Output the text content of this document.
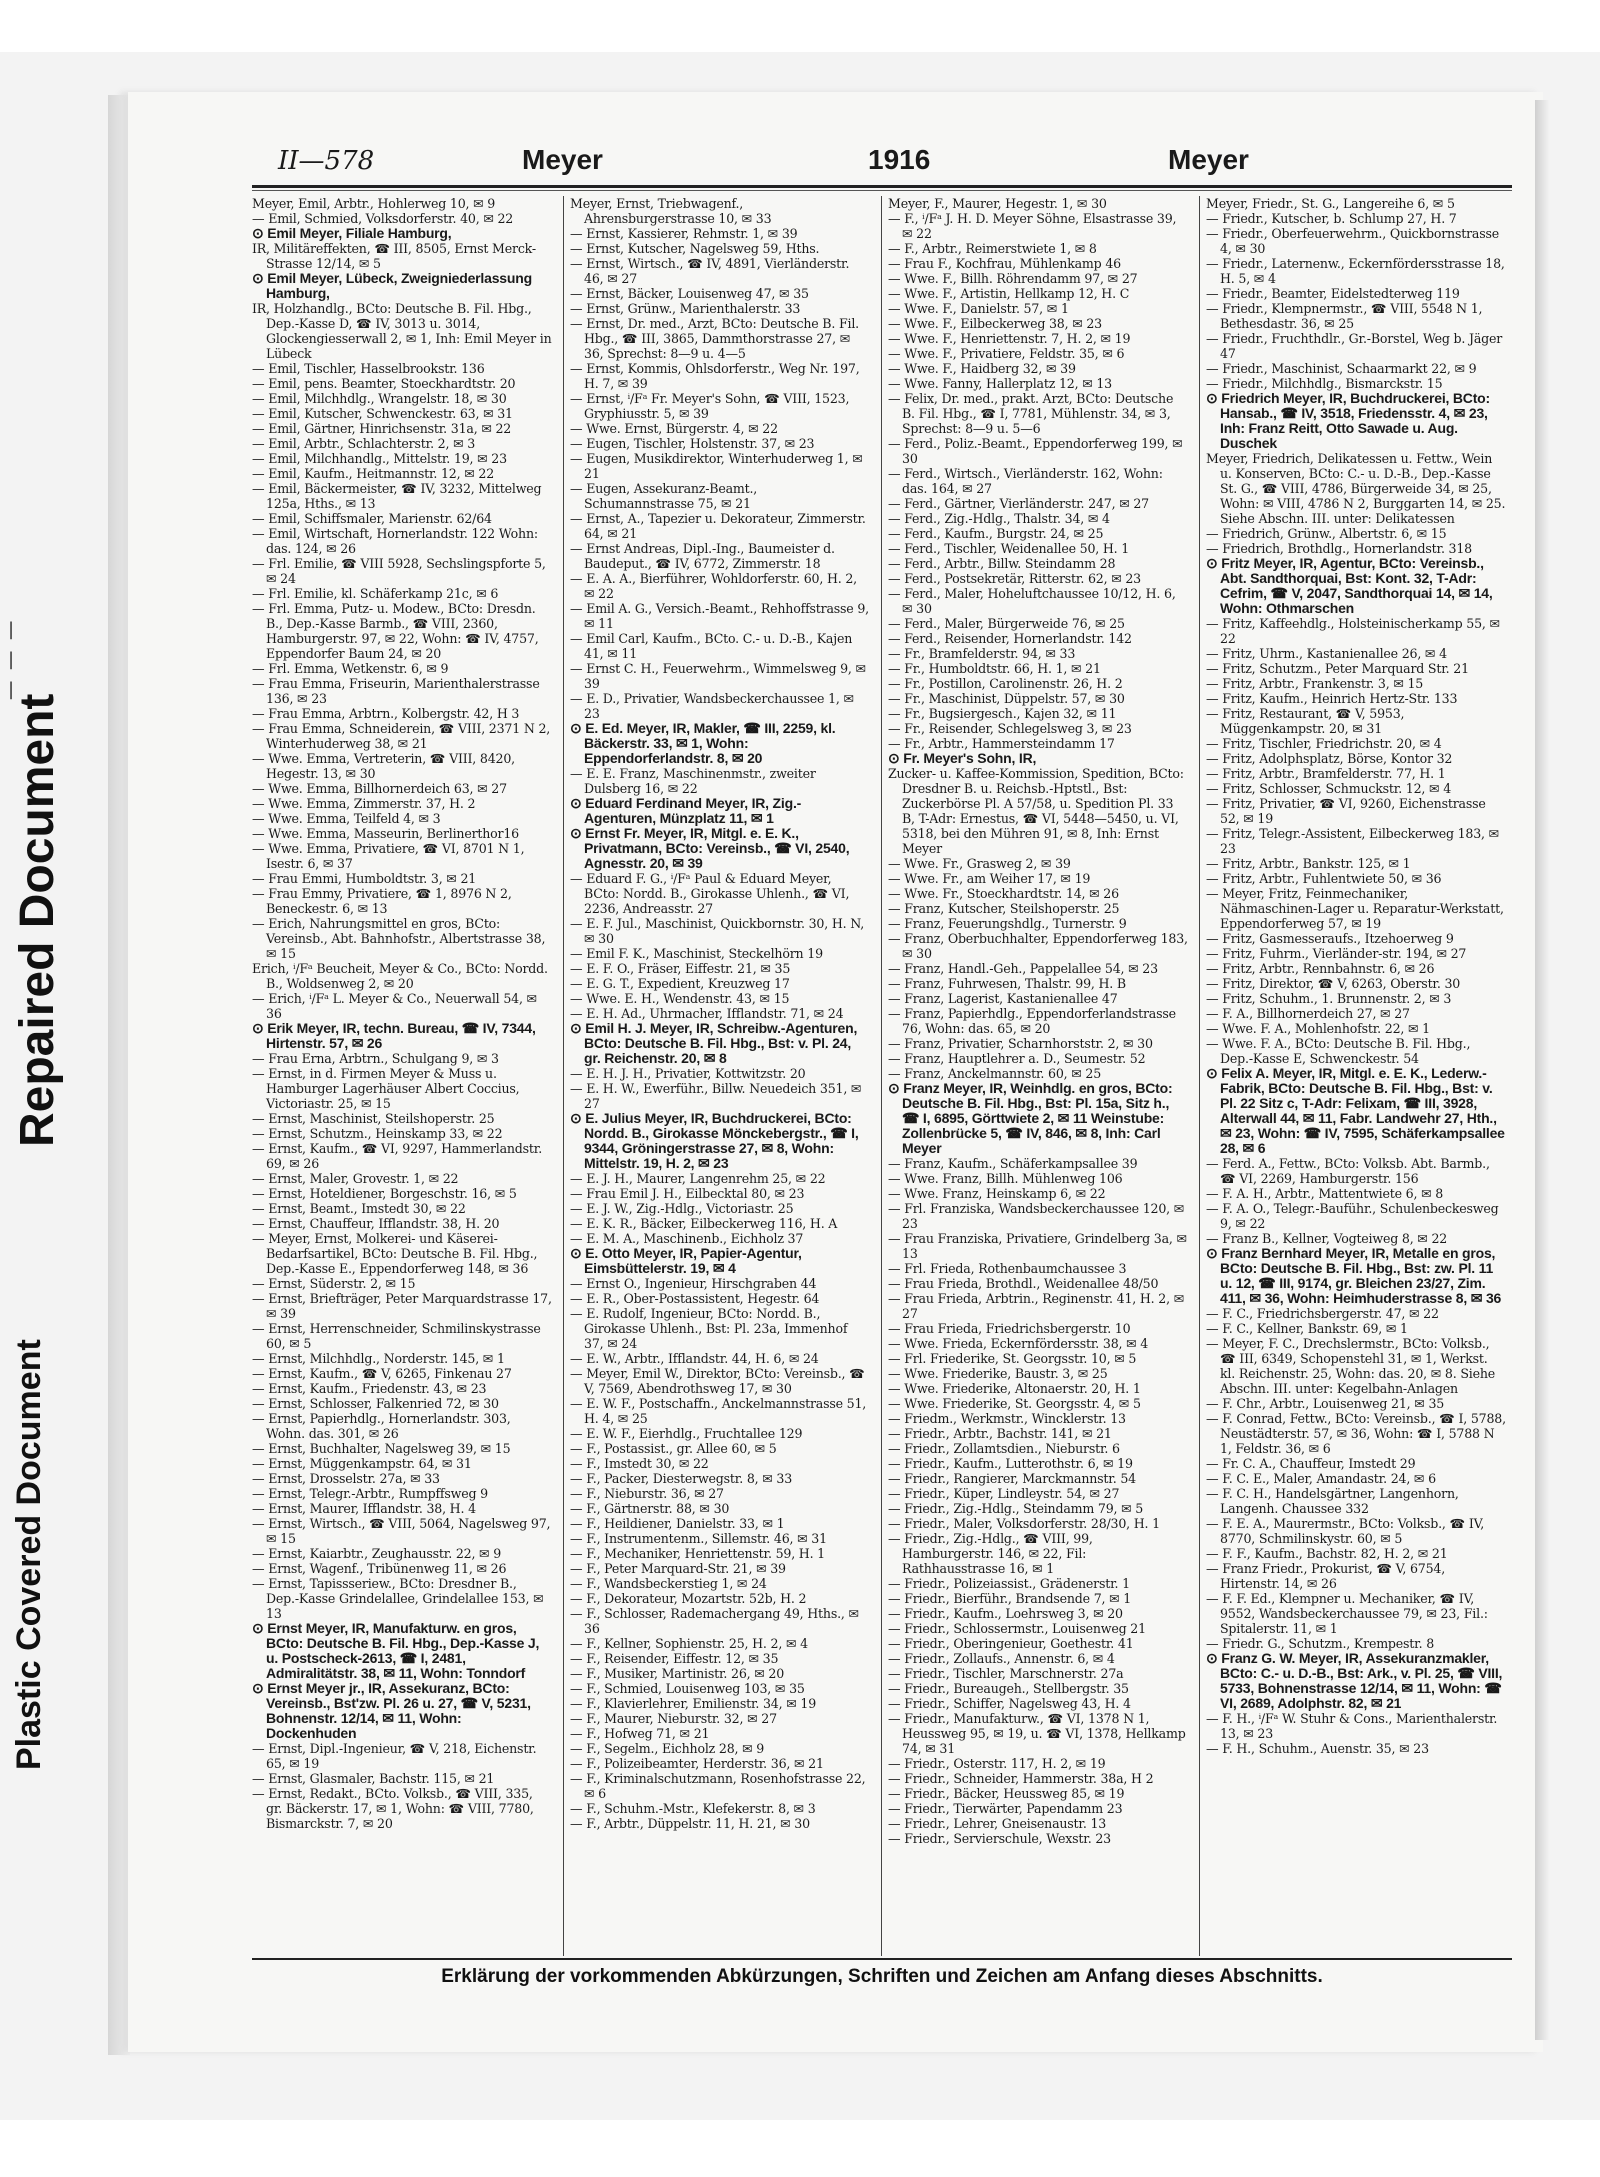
|
|
|
Repaired Document
Plastic Covered Document
II—578	Meyer	1916	Meyer

Meyer, Emil, Arbtr., Hohlerweg 10, ✉ 9

— Emil, Schmied, Volksdorferstr. 40, ✉ 22

⊙ Emil Meyer, Filiale Hamburg,

IR, Militäreffekten, ☎ III, 8505, Ernst Merck-Strasse 12/14, ✉ 5

⊙ Emil Meyer, Lübeck, Zweigniederlassung Hamburg,

IR, Holzhandlg., BCto: Deutsche B. Fil. Hbg., Dep.-Kasse D, ☎ IV, 3013 u. 3014, Glockengiesserwall 2, ✉ 1, Inh: Emil Meyer in Lübeck

— Emil, Tischler, Hasselbrookstr. 136

— Emil, pens. Beamter, Stoeckhardtstr. 20

— Emil, Milchhdlg., Wrangelstr. 18, ✉ 30

— Emil, Kutscher, Schwenckestr. 63, ✉ 31

— Emil, Gärtner, Hinrichsenstr. 31a, ✉ 22

— Emil, Arbtr., Schlachterstr. 2, ✉ 3

— Emil, Milchhandlg., Mittelstr. 19, ✉ 23

— Emil, Kaufm., Heitmannstr. 12, ✉ 22

— Emil, Bäckermeister, ☎ IV, 3232, Mittelweg 125a, Hths., ✉ 13

— Emil, Schiffsmaler, Marienstr. 62/64

— Emil, Wirtschaft, Hornerlandstr. 122 Wohn: das. 124, ✉ 26

— Frl. Emilie, ☎ VIII 5928, Sechslingspforte 5, ✉ 24

— Frl. Emilie, kl. Schäferkamp 21c, ✉ 6

— Frl. Emma, Putz- u. Modew., BCto: Dresdn. B., Dep.-Kasse Barmb., ☎ VIII, 2360, Hamburgerstr. 97, ✉ 22, Wohn: ☎ IV, 4757, Eppendorfer Baum 24, ✉ 20

— Frl. Emma, Wetkenstr. 6, ✉ 9

— Frau Emma, Friseurin, Marienthalerstrasse 136, ✉ 23

— Frau Emma, Arbtrn., Kolbergstr. 42, H 3

— Frau Emma, Schneiderein, ☎ VIII, 2371 N 2, Winterhuderweg 38, ✉ 21

— Wwe. Emma, Vertreterin, ☎ VIII, 8420, Hegestr. 13, ✉ 30

— Wwe. Emma, Billhornerdeich 63, ✉ 27

— Wwe. Emma, Zimmerstr. 37, H. 2

— Wwe. Emma, Teilfeld 4, ✉ 3

— Wwe. Emma, Masseurin, Berlinerthor16

— Wwe. Emma, Privatiere, ☎ VI, 8701 N 1, Isestr. 6, ✉ 37

— Frau Emmi, Humboldtstr. 3, ✉ 21

— Frau Emmy, Privatiere, ☎ 1, 8976 N 2, Beneckestr. 6, ✉ 13

— Erich, Nahrungsmittel en gros, BCto: Vereinsb., Abt. Bahnhofstr., Albertstrasse 38, ✉ 15

Erich, ⁱ/Fᵃ Beucheit, Meyer & Co., BCto: Nordd. B., Woldsenweg 2, ✉ 20

— Erich, ⁱ/Fᵃ L. Meyer & Co., Neuerwall 54, ✉ 36

⊙ Erik Meyer, IR, techn. Bureau, ☎ IV, 7344, Hirtenstr. 57, ✉ 26

— Frau Erna, Arbtrn., Schulgang 9, ✉ 3

— Ernst, in d. Firmen Meyer & Muss u. Hamburger Lagerhäuser Albert Coccius, Victoriastr. 25, ✉ 15

— Ernst, Maschinist, Steilshoperstr. 25

— Ernst, Schutzm., Heinskamp 33, ✉ 22

— Ernst, Kaufm., ☎ VI, 9297, Hammerlandstr. 69, ✉ 26

— Ernst, Maler, Grovestr. 1, ✉ 22

— Ernst, Hoteldiener, Borgeschstr. 16, ✉ 5

— Ernst, Beamt., Imstedt 30, ✉ 22

— Ernst, Chauffeur, Ifflandstr. 38, H. 20

— Meyer, Ernst, Molkerei- und Käserei-Bedarfsartikel, BCto: Deutsche B. Fil. Hbg., Dep.-Kasse E., Eppendorferweg 148, ✉ 36

— Ernst, Süderstr. 2, ✉ 15

— Ernst, Briefträger, Peter Marquardstrasse 17, ✉ 39

— Ernst, Herrenschneider, Schmilinskystrasse 60, ✉ 5

— Ernst, Milchhdlg., Norderstr. 145, ✉ 1

— Ernst, Kaufm., ☎ V, 6265, Finkenau 27

— Ernst, Kaufm., Friedenstr. 43, ✉ 23

— Ernst, Schlosser, Falkenried 72, ✉ 30

— Ernst, Papierhdlg., Hornerlandstr. 303, Wohn. das. 301, ✉ 26

— Ernst, Buchhalter, Nagelsweg 39, ✉ 15

— Ernst, Müggenkampstr. 64, ✉ 31

— Ernst, Drosselstr. 27a, ✉ 33

— Ernst, Telegr.-Arbtr., Rumpffsweg 9

— Ernst, Maurer, Ifflandstr. 38, H. 4

— Ernst, Wirtsch., ☎ VIII, 5064, Nagelsweg 97, ✉ 15

— Ernst, Kaiarbtr., Zeughausstr. 22, ✉ 9

— Ernst, Wagenf., Tribünenweg 11, ✉ 26

— Ernst, Tapissseriew., BCto: Dresdner B., Dep.-Kasse Grindelallee, Grindelallee 153, ✉ 13

⊙ Ernst Meyer, IR, Manufakturw. en gros, BCto: Deutsche B. Fil. Hbg., Dep.-Kasse J, u. Postscheck-2613, ☎ I, 2481, Admiralitätstr. 38, ✉ 11, Wohn: Tonndorf

⊙ Ernst Meyer jr., IR, Assekuranz, BCto: Vereinsb., Bst'zw. Pl. 26 u. 27, ☎ V, 5231, Bohnenstr. 12/14, ✉ 11, Wohn: Dockenhuden

— Ernst, Dipl.-Ingenieur, ☎ V, 218, Eichenstr. 65, ✉ 19

— Ernst, Glasmaler, Bachstr. 115, ✉ 21

— Ernst, Redakt., BCto. Volksb., ☎ VIII, 335, gr. Bäckerstr. 17, ✉ 1, Wohn: ☎ VIII, 7780, Bismarckstr. 7, ✉ 20

Meyer, Ernst, Triebwagenf., Ahrensburgerstrasse 10, ✉ 33

— Ernst, Kassierer, Rehmstr. 1, ✉ 39

— Ernst, Kutscher, Nagelsweg 59, Hths.

— Ernst, Wirtsch., ☎ IV, 4891, Vierländerstr. 46, ✉ 27

— Ernst, Bäcker, Louisenweg 47, ✉ 35

— Ernst, Grünw., Marienthalerstr. 33

— Ernst, Dr. med., Arzt, BCto: Deutsche B. Fil. Hbg., ☎ III, 3865, Dammthorstrasse 27, ✉ 36, Sprechst: 8—9 u. 4—5

— Ernst, Kommis, Ohlsdorferstr., Weg Nr. 197, H. 7, ✉ 39

— Ernst, ⁱ/Fᵃ Fr. Meyer's Sohn, ☎ VIII, 1523, Gryphiusstr. 5, ✉ 39

— Wwe. Ernst, Bürgerstr. 4, ✉ 22

— Eugen, Tischler, Holstenstr. 37, ✉ 23

— Eugen, Musikdirektor, Winterhuderweg 1, ✉ 21

— Eugen, Assekuranz-Beamt., Schumannstrasse 75, ✉ 21

— Ernst, A., Tapezier u. Dekorateur, Zimmerstr. 64, ✉ 21

— Ernst Andreas, Dipl.-Ing., Baumeister d. Baudeput., ☎ IV, 6772, Zimmerstr. 18

— E. A. A., Bierführer, Wohldorferstr. 60, H. 2, ✉ 22

— Emil A. G., Versich.-Beamt., Rehhoffstrasse 9, ✉ 11

— Emil Carl, Kaufm., BCto. C.- u. D.-B., Kajen 41, ✉ 11

— Ernst C. H., Feuerwehrm., Wimmelsweg 9, ✉ 39

— E. D., Privatier, Wandsbeckerchaussee 1, ✉ 23

⊙ E. Ed. Meyer, IR, Makler, ☎ III, 2259, kl. Bäckerstr. 33, ✉ 1, Wohn: Eppendorferlandstr. 8, ✉ 20

— E. E. Franz, Maschinenmstr., zweiter Dulsberg 16, ✉ 22

⊙ Eduard Ferdinand Meyer, IR, Zig.-Agenturen, Münzplatz 11, ✉ 1

⊙ Ernst Fr. Meyer, IR, Mitgl. e. E. K., Privatmann, BCto: Vereinsb., ☎ VI, 2540, Agnesstr. 20, ✉ 39

— Eduard F. G., ⁱ/Fᵃ Paul & Eduard Meyer, BCto: Nordd. B., Girokasse Uhlenh., ☎ VI, 2236, Andreasstr. 27

— E. F. Jul., Maschinist, Quickbornstr. 30, H. N, ✉ 30

— Emil F. K., Maschinist, Steckelhörn 19

— E. F. O., Fräser, Eiffestr. 21, ✉ 35

— E. G. T., Expedient, Kreuzweg 17

— Wwe. E. H., Wendenstr. 43, ✉ 15

— E. H. Ad., Uhrmacher, Ifflandstr. 71, ✉ 24

⊙ Emil H. J. Meyer, IR, Schreibw.-Agenturen, BCto: Deutsche B. Fil. Hbg., Bst: v. Pl. 24, gr. Reichenstr. 20, ✉ 8

— E. H. J. H., Privatier, Kottwitzstr. 20

— E. H. W., Ewerführ., Billw. Neuedeich 351, ✉ 27

⊙ E. Julius Meyer, IR, Buchdruckerei, BCto: Nordd. B., Girokasse Mönckebergstr., ☎ I, 9344, Gröningerstrasse 27, ✉ 8, Wohn: Mittelstr. 19, H. 2, ✉ 23

— E. J. H., Maurer, Langenrehm 25, ✉ 22

— Frau Emil J. H., Eilbecktal 80, ✉ 23

— E. J. W., Zig.-Hdlg., Victoriastr. 25

— E. K. R., Bäcker, Eilbeckerweg 116, H. A

— E. M. A., Maschinenb., Eichholz 37

⊙ E. Otto Meyer, IR, Papier-Agentur, Eimsbüttelerstr. 19, ✉ 4

— Ernst O., Ingenieur, Hirschgraben 44

— E. R., Ober-Postassistent, Hegestr. 64

— E. Rudolf, Ingenieur, BCto: Nordd. B., Girokasse Uhlenh., Bst: Pl. 23a, Immenhof 37, ✉ 24

— E. W., Arbtr., Ifflandstr. 44, H. 6, ✉ 24

— Meyer, Emil W., Direktor, BCto: Vereinsb., ☎ V, 7569, Abendrothsweg 17, ✉ 30

— E. W. F., Postschaffn., Anckelmannstrasse 51, H. 4, ✉ 25

— E. W. F., Eierhdlg., Fruchtallee 129

— F., Postassist., gr. Allee 60, ✉ 5

— F., Imstedt 30, ✉ 22

— F., Packer, Diesterwegstr. 8, ✉ 33

— F., Nieburstr. 36, ✉ 27

— F., Gärtnerstr. 88, ✉ 30

— F., Heildiener, Danielstr. 33, ✉ 1

— F., Instrumentenm., Sillemstr. 46, ✉ 31

— F., Mechaniker, Henriettenstr. 59, H. 1

— F., Peter Marquard-Str. 21, ✉ 39

— F., Wandsbeckerstieg 1, ✉ 24

— F., Dekorateur, Mozartstr. 52b, H. 2

— F., Schlosser, Rademachergang 49, Hths., ✉ 36

— F., Kellner, Sophienstr. 25, H. 2, ✉ 4

— F., Reisender, Eiffestr. 12, ✉ 35

— F., Musiker, Martinistr. 26, ✉ 20

— F., Schmied, Louisenweg 103, ✉ 35

— F., Klavierlehrer, Emilienstr. 34, ✉ 19

— F., Maurer, Nieburstr. 32, ✉ 27

— F., Hofweg 71, ✉ 21

— F., Segelm., Eichholz 28, ✉ 9

— F., Polizeibeamter, Herderstr. 36, ✉ 21

— F., Kriminalschutzmann, Rosenhofstrasse 22, ✉ 6

— F., Schuhm.-Mstr., Klefekerstr. 8, ✉ 3

— F., Arbtr., Düppelstr. 11, H. 21, ✉ 30

Meyer, F., Maurer, Hegestr. 1, ✉ 30

— F., ⁱ/Fᵃ J. H. D. Meyer Söhne, Elsastrasse 39, ✉ 22

— F., Arbtr., Reimerstwiete 1, ✉ 8

— Frau F., Kochfrau, Mühlenkamp 46

— Wwe. F., Billh. Röhrendamm 97, ✉ 27

— Wwe. F., Artistin, Hellkamp 12, H. C

— Wwe. F., Danielstr. 57, ✉ 1

— Wwe. F., Eilbeckerweg 38, ✉ 23

— Wwe. F., Henriettenstr. 7, H. 2, ✉ 19

— Wwe. F., Privatiere, Feldstr. 35, ✉ 6

— Wwe. F., Haidberg 32, ✉ 39

— Wwe. Fanny, Hallerplatz 12, ✉ 13

— Felix, Dr. med., prakt. Arzt, BCto: Deutsche B. Fil. Hbg., ☎ I, 7781, Mühlenstr. 34, ✉ 3, Sprechst: 8—9 u. 5—6

— Ferd., Poliz.-Beamt., Eppendorferweg 199, ✉ 30

— Ferd., Wirtsch., Vierländerstr. 162, Wohn: das. 164, ✉ 27

— Ferd., Gärtner, Vierländerstr. 247, ✉ 27

— Ferd., Zig.-Hdlg., Thalstr. 34, ✉ 4

— Ferd., Kaufm., Burgstr. 24, ✉ 25

— Ferd., Tischler, Weidenallee 50, H. 1

— Ferd., Arbtr., Billw. Steindamm 28

— Ferd., Postsekretär, Ritterstr. 62, ✉ 23

— Ferd., Maler, Hoheluftchaussee 10/12, H. 6, ✉ 30

— Ferd., Maler, Bürgerweide 76, ✉ 25

— Ferd., Reisender, Hornerlandstr. 142

— Fr., Bramfelderstr. 94, ✉ 33

— Fr., Humboldtstr. 66, H. 1, ✉ 21

— Fr., Postillon, Carolinenstr. 26, H. 2

— Fr., Maschinist, Düppelstr. 57, ✉ 30

— Fr., Bugsiergesch., Kajen 32, ✉ 11

— Fr., Reisender, Schlegelsweg 3, ✉ 23

— Fr., Arbtr., Hammersteindamm 17

⊙ Fr. Meyer's Sohn, IR,

Zucker- u. Kaffee-Kommission, Spedition, BCto: Dresdner B. u. Reichsb.-Hptstl., Bst: Zuckerbörse Pl. A 57/58, u. Spedition Pl. 33 B, T-Adr: Ernestus, ☎ VI, 5448—5450, u. VI, 5318, bei den Mühren 91, ✉ 8, Inh: Ernst Meyer

— Wwe. Fr., Grasweg 2, ✉ 39

— Wwe. Fr., am Weiher 17, ✉ 19

— Wwe. Fr., Stoeckhardtstr. 14, ✉ 26

— Franz, Kutscher, Steilshoperstr. 25

— Franz, Feuerungshdlg., Turnerstr. 9

— Franz, Oberbuchhalter, Eppendorferweg 183, ✉ 30

— Franz, Handl.-Geh., Pappelallee 54, ✉ 23

— Franz, Fuhrwesen, Thalstr. 99, H. B

— Franz, Lagerist, Kastanienallee 47

— Franz, Papierhdlg., Eppendorferlandstrasse 76, Wohn: das. 65, ✉ 20

— Franz, Privatier, Scharnhorststr. 2, ✉ 30

— Franz, Hauptlehrer a. D., Seumestr. 52

— Franz, Anckelmannstr. 60, ✉ 25

⊙ Franz Meyer, IR, Weinhdlg. en gros, BCto: Deutsche B. Fil. Hbg., Bst: Pl. 15a, Sitz h., ☎ I, 6895, Görttwiete 2, ✉ 11 Weinstube: Zollenbrücke 5, ☎ IV, 846, ✉ 8, Inh: Carl Meyer

— Franz, Kaufm., Schäferkampsallee 39

— Wwe. Franz, Billh. Mühlenweg 106

— Wwe. Franz, Heinskamp 6, ✉ 22

— Frl. Franziska, Wandsbeckerchaussee 120, ✉ 23

— Frau Franziska, Privatiere, Grindelberg 3a, ✉ 13

— Frl. Frieda, Rothenbaumchaussee 3

— Frau Frieda, Brothdl., Weidenallee 48/50

— Frau Frieda, Arbtrin., Reginenstr. 41, H. 2, ✉ 27

— Frau Frieda, Friedrichsbergerstr. 10

— Wwe. Frieda, Eckernfördersstr. 38, ✉ 4

— Frl. Friederike, St. Georgsstr. 10, ✉ 5

— Wwe. Friederike, Baustr. 3, ✉ 25

— Wwe. Friederike, Altonaerstr. 20, H. 1

— Wwe. Friederike, St. Georgsstr. 4, ✉ 5

— Friedm., Werkmstr., Wincklerstr. 13

— Friedr., Arbtr., Bachstr. 141, ✉ 21

— Friedr., Zollamtsdien., Nieburstr. 6

— Friedr., Kaufm., Lutterothstr. 6, ✉ 19

— Friedr., Rangierer, Marckmannstr. 54

— Friedr., Küper, Lindleystr. 54, ✉ 27

— Friedr., Zig.-Hdlg., Steindamm 79, ✉ 5

— Friedr., Maler, Volksdorferstr. 28/30, H. 1

— Friedr., Zig.-Hdlg., ☎ VIII, 99, Hamburgerstr. 146, ✉ 22, Fil: Rathhausstrasse 16, ✉ 1

— Friedr., Polizeiassist., Grädenerstr. 1

— Friedr., Bierführ., Brandsende 7, ✉ 1

— Friedr., Kaufm., Loehrsweg 3, ✉ 20

— Friedr., Schlossermstr., Louisenweg 21

— Friedr., Oberingenieur, Goethestr. 41

— Friedr., Zollaufs., Annenstr. 6, ✉ 4

— Friedr., Tischler, Marschnerstr. 27a

— Friedr., Bureaugeh., Stellbergstr. 35

— Friedr., Schiffer, Nagelsweg 43, H. 4

— Friedr., Manufakturw., ☎ VI, 1378 N 1, Heussweg 95, ✉ 19, u. ☎ VI, 1378, Hellkamp 74, ✉ 31

— Friedr., Osterstr. 117, H. 2, ✉ 19

— Friedr., Schneider, Hammerstr. 38a, H 2

— Friedr., Bäcker, Heussweg 85, ✉ 19

— Friedr., Tierwärter, Papendamm 23

— Friedr., Lehrer, Gneisenaustr. 13

— Friedr., Servierschule, Wexstr. 23

Meyer, Friedr., St. G., Langereihe 6, ✉ 5

— Friedr., Kutscher, b. Schlump 27, H. 7

— Friedr., Oberfeuerwehrm., Quickbornstrasse 4, ✉ 30

— Friedr., Laternenw., Eckernfördersstrasse 18, H. 5, ✉ 4

— Friedr., Beamter, Eidelstedterweg 119

— Friedr., Klempnermstr., ☎ VIII, 5548 N 1, Bethesdastr. 36, ✉ 25

— Friedr., Fruchthdlr., Gr.-Borstel, Weg b. Jäger 47

— Friedr., Maschinist, Schaarmarkt 22, ✉ 9

— Friedr., Milchhdlg., Bismarckstr. 15

⊙ Friedrich Meyer, IR, Buchdruckerei, BCto: Hansab., ☎ IV, 3518, Friedensstr. 4, ✉ 23, Inh: Franz Reitt, Otto Sawade u. Aug. Duschek

Meyer, Friedrich, Delikatessen u. Fettw., Wein u. Konserven, BCto: C.- u. D.-B., Dep.-Kasse St. G., ☎ VIII, 4786, Bürgerweide 34, ✉ 25, Wohn: ✉ VIII, 4786 N 2, Burggarten 14, ✉ 25. Siehe Abschn. III. unter: Delikatessen

— Friedrich, Grünw., Albertstr. 6, ✉ 15

— Friedrich, Brothdlg., Hornerlandstr. 318

⊙ Fritz Meyer, IR, Agentur, BCto: Vereinsb., Abt. Sandthorquai, Bst: Kont. 32, T-Adr: Cefrim, ☎ V, 2047, Sandthorquai 14, ✉ 14, Wohn: Othmarschen

— Fritz, Kaffeehdlg., Holsteinischerkamp 55, ✉ 22

— Fritz, Uhrm., Kastanienallee 26, ✉ 4

— Fritz, Schutzm., Peter Marquard Str. 21

— Fritz, Arbtr., Frankenstr. 3, ✉ 15

— Fritz, Kaufm., Heinrich Hertz-Str. 133

— Fritz, Restaurant, ☎ V, 5953, Müggenkampstr. 20, ✉ 31

— Fritz, Tischler, Friedrichstr. 20, ✉ 4

— Fritz, Adolphsplatz, Börse, Kontor 32

— Fritz, Arbtr., Bramfelderstr. 77, H. 1

— Fritz, Schlosser, Schmuckstr. 12, ✉ 4

— Fritz, Privatier, ☎ VI, 9260, Eichenstrasse 52, ✉ 19

— Fritz, Telegr.-Assistent, Eilbeckerweg 183, ✉ 23

— Fritz, Arbtr., Bankstr. 125, ✉ 1

— Fritz, Arbtr., Fuhlentwiete 50, ✉ 36

— Meyer, Fritz, Feinmechaniker, Nähmaschinen-Lager u. Reparatur-Werkstatt, Eppendorferweg 57, ✉ 19

— Fritz, Gasmesseraufs., Itzehoerweg 9

— Fritz, Fuhrm., Vierländer-str. 194, ✉ 27

— Fritz, Arbtr., Rennbahnstr. 6, ✉ 26

— Fritz, Direktor, ☎ V, 6263, Oberstr. 30

— Fritz, Schuhm., 1. Brunnenstr. 2, ✉ 3

— F. A., Billhornerdeich 27, ✉ 27

— Wwe. F. A., Mohlenhofstr. 22, ✉ 1

— Wwe. F. A., BCto: Deutsche B. Fil. Hbg., Dep.-Kasse E, Schwenckestr. 54

⊙ Felix A. Meyer, IR, Mitgl. e. E. K., Lederw.-Fabrik, BCto: Deutsche B. Fil. Hbg., Bst: v. Pl. 22 Sitz c, T-Adr: Felixam, ☎ III, 3928, Alterwall 44, ✉ 11, Fabr. Landwehr 27, Hth., ✉ 23, Wohn: ☎ IV, 7595, Schäferkampsallee 28, ✉ 6

— Ferd. A., Fettw., BCto: Volksb. Abt. Barmb., ☎ VI, 2269, Hamburgerstr. 156

— F. A. H., Arbtr., Mattentwiete 6, ✉ 8

— F. A. O., Telegr.-Bauführ., Schulenbeckesweg 9, ✉ 22

— Franz B., Kellner, Vogteiweg 8, ✉ 22

⊙ Franz Bernhard Meyer, IR, Metalle en gros, BCto: Deutsche B. Fil. Hbg., Bst: zw. Pl. 11 u. 12, ☎ III, 9174, gr. Bleichen 23/27, Zim. 411, ✉ 36, Wohn: Heimhuderstrasse 8, ✉ 36

— F. C., Friedrichsbergerstr. 47, ✉ 22

— F. C., Kellner, Bankstr. 69, ✉ 1

— Meyer, F. C., Drechslermstr., BCto: Volksb., ☎ III, 6349, Schopenstehl 31, ✉ 1, Werkst. kl. Reichenstr. 25, Wohn: das. 20, ✉ 8. Siehe Abschn. III. unter: Kegelbahn-Anlagen

— F. Chr., Arbtr., Louisenweg 21, ✉ 35

— F. Conrad, Fettw., BCto: Vereinsb., ☎ I, 5788, Neustädterstr. 57, ✉ 36, Wohn: ☎ I, 5788 N 1, Feldstr. 36, ✉ 6

— Fr. C. A., Chauffeur, Imstedt 29

— F. C. E., Maler, Amandastr. 24, ✉ 6

— F. C. H., Handelsgärtner, Langenhorn, Langenh. Chaussee 332

— F. E. A., Maurermstr., BCto: Volksb., ☎ IV, 8770, Schmilinskystr. 60, ✉ 5

— F. F., Kaufm., Bachstr. 82, H. 2, ✉ 21

— Franz Friedr., Prokurist, ☎ V, 6754, Hirtenstr. 14, ✉ 26

— F. F. Ed., Klempner u. Mechaniker, ☎ IV, 9552, Wandsbeckerchaussee 79, ✉ 23, Fil.: Spitalerstr. 11, ✉ 1

— Friedr. G., Schutzm., Krempestr. 8

⊙ Franz G. W. Meyer, IR, Assekuranzmakler, BCto: C.- u. D.-B., Bst: Ark., v. Pl. 25, ☎ VIII, 5733, Bohnenstrasse 12/14, ✉ 11, Wohn: ☎ VI, 2689, Adolphstr. 82, ✉ 21

— F. H., ⁱ/Fᵃ W. Stuhr & Cons., Marienthalerstr. 13, ✉ 23

— F. H., Schuhm., Auenstr. 35, ✉ 23

Erklärung der vorkommenden Abkürzungen, Schriften und Zeichen am Anfang dieses Abschnitts.
